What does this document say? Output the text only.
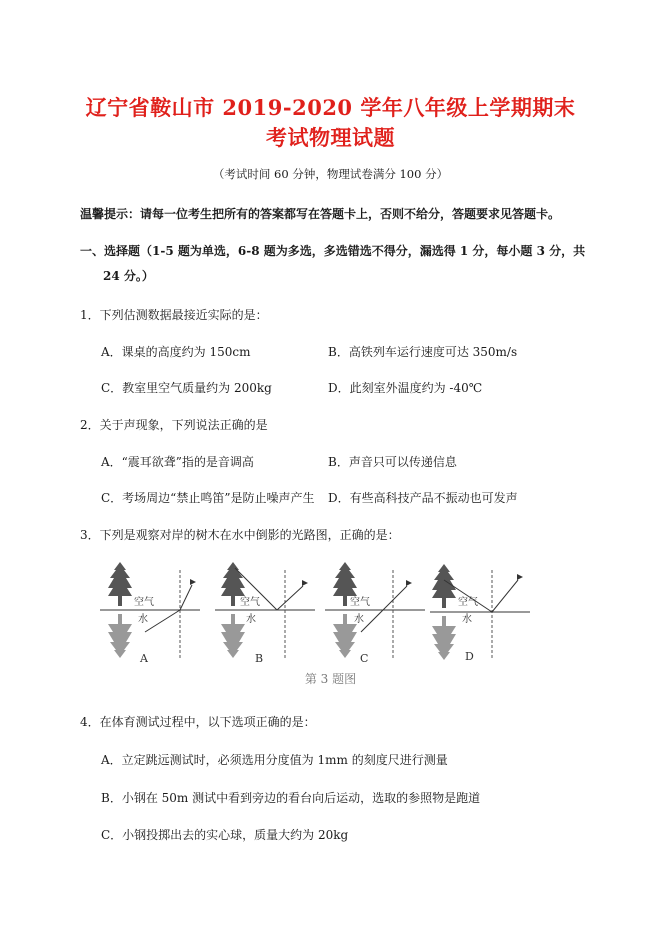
辽宁省鞍山市 2019-2020 学年八年级上学期期末
考试物理试题
（考试时间 60 分钟，物理试卷满分 100 分）
温馨提示：请每一位考生把所有的答案都写在答题卡上，否则不给分，答题要求见答题卡。
一、选择题（1-5 题为单选，6-8 题为多选，多选错选不得分，漏选得 1 分，每小题 3 分，共
24 分。）
1．下列估测数据最接近实际的是：
A．课桌的高度约为 150cm	B．高铁列车运行速度可达 350m/s
C．教室里空气质量约为 200kg	D．此刻室外温度约为 -40℃
2．关于声现象，下列说法正确的是
A．“震耳欲聋”指的是音调高	B．声音只可以传递信息
C．考场周边“禁止鸣笛”是防止噪声产生 D．有些高科技产品不振动也可发声
3．下列是观察对岸的树木在水中倒影的光路图，正确的是：
空气
水
空气
水
空气
水
空气
水
A	B	C	D
第 3 题图
4．在体育测试过程中，以下选项正确的是：
A．立定跳远测试时，必须选用分度值为 1mm 的刻度尺进行测量
B．小钢在 50m 测试中看到旁边的看台向后运动，选取的参照物是跑道
C．小钢投掷出去的实心球，质量大约为 20kg
